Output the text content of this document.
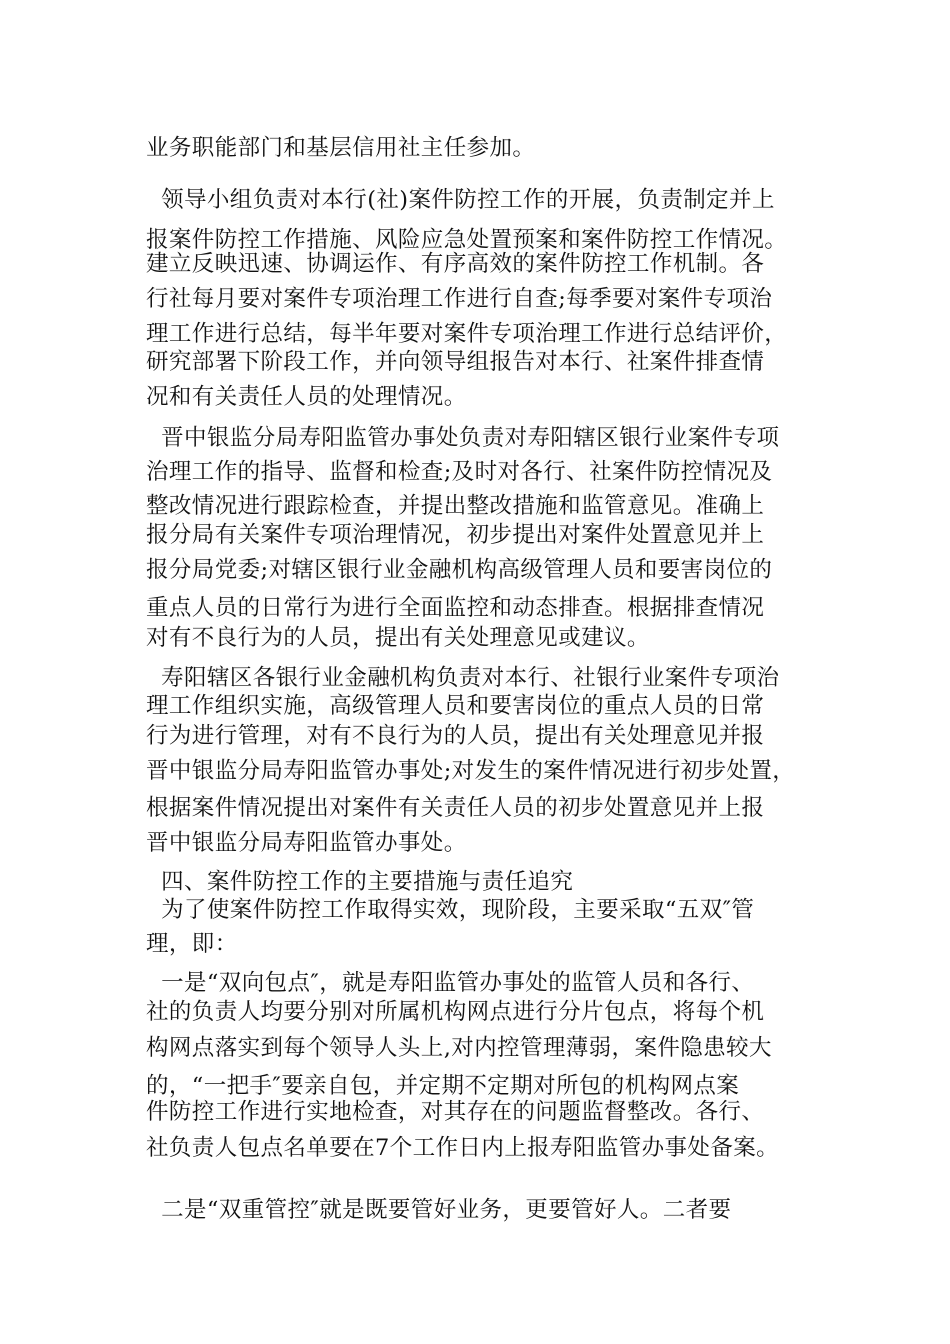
业务职能部门和基层信用社主任参加。
领导小组负责对本行(社)案件防控工作的开展，负责制定并上
报案件防控工作措施、风险应急处置预案和案件防控工作情况。
建立反映迅速、协调运作、有序高效的案件防控工作机制。各
行社每月要对案件专项治理工作进行自查;每季要对案件专项治
理工作进行总结，每半年要对案件专项治理工作进行总结评价，
研究部署下阶段工作，并向领导组报告对本行、社案件排查情
况和有关责任人员的处理情况。
晋中银监分局寿阳监管办事处负责对寿阳辖区银行业案件专项
治理工作的指导、监督和检查;及时对各行、社案件防控情况及
整改情况进行跟踪检查，并提出整改措施和监管意见。准确上
报分局有关案件专项治理情况，初步提出对案件处置意见并上
报分局党委;对辖区银行业金融机构高级管理人员和要害岗位的
重点人员的日常行为进行全面监控和动态排查。根据排查情况
对有不良行为的人员，提出有关处理意见或建议。
寿阳辖区各银行业金融机构负责对本行、社银行业案件专项治
理工作组织实施，高级管理人员和要害岗位的重点人员的日常
行为进行管理，对有不良行为的人员，提出有关处理意见并报
晋中银监分局寿阳监管办事处;对发生的案件情况进行初步处置，
根据案件情况提出对案件有关责任人员的初步处置意见并上报
晋中银监分局寿阳监管办事处。
四、案件防控工作的主要措施与责任追究
为了使案件防控工作取得实效，现阶段，主要采取“五双″管
理，即：
一是“双向包点″，就是寿阳监管办事处的监管人员和各行、
社的负责人均要分别对所属机构网点进行分片包点，将每个机
构网点落实到每个领导人头上,对内控管理薄弱，案件隐患较大
的，“一把手″要亲自包，并定期不定期对所包的机构网点案
件防控工作进行实地检查，对其存在的问题监督整改。各行、
社负责人包点名单要在7个工作日内上报寿阳监管办事处备案。
二是“双重管控″就是既要管好业务，更要管好人。二者要
